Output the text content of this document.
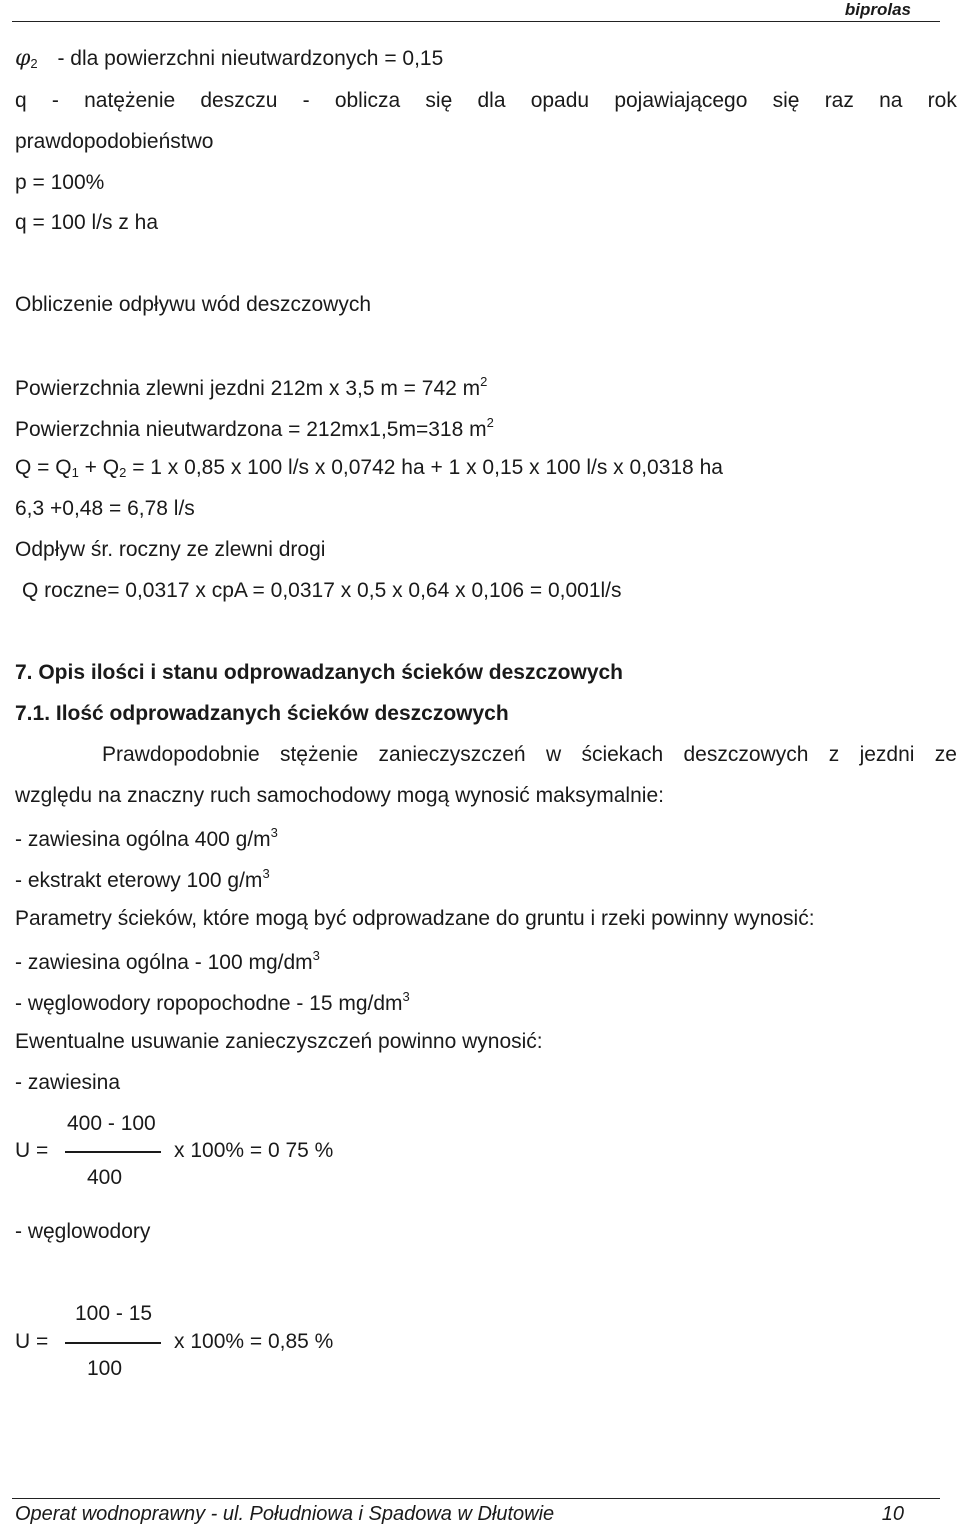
biprolas
$\varphi_2$ - dla powierzchni nieutwardzonych = 0,15
q - natężenie deszczu - oblicza się dla opadu pojawiającego się raz na rok
prawdopodobieństwo
p = 100%
q = 100 l/s z ha
Obliczenie odpływu wód deszczowych
Powierzchnia zlewni jezdni 212m x 3,5 m = 742 $m^2$
Powierzchnia nieutwardzona = 212mx1,5m=318 $m^2$
$Q = Q_1 + Q_2 = 1$ x 0,85 x 100 l/s x 0,0742 ha + 1 x 0,15 x 100 l/s x 0,0318 ha
6,3 +0,48 = 6,78 l/s
Odpływ śr. roczny ze zlewni drogi
Q roczne= 0,0317 x cpA = 0,0317 x 0,5 x 0,64 x 0,106 = 0,001l/s
7. Opis ilości i stanu odprowadzanych ścieków deszczowych
7.1. Ilość odprowadzanych ścieków deszczowych
Prawdopodobnie stężenie zanieczyszczeń w ściekach deszczowych z jezdni ze
względu na znaczny ruch samochodowy mogą wynosić maksymalnie:
- zawiesina ogólna 400 $g/m^3$
- ekstrakt eterowy 100 $g/m^3$
Parametry ścieków, które mogą być odprowadzane do gruntu i rzeki powinny wynosić:
- zawiesina ogólna - 100 $mg/dm^3$
- węglowodory ropopochodne - 15 $mg/dm^3$
Ewentualne usuwanie zanieczyszczeń powinno wynosić:
- zawiesina
400 - 100
U =	x 100% = 0 75 %
400
- węglowodory
100 - 15
U =	x 100% = 0,85 %
100
Operat wodnoprawny - ul. Południowa i Spadowa w Dłutowie	10
